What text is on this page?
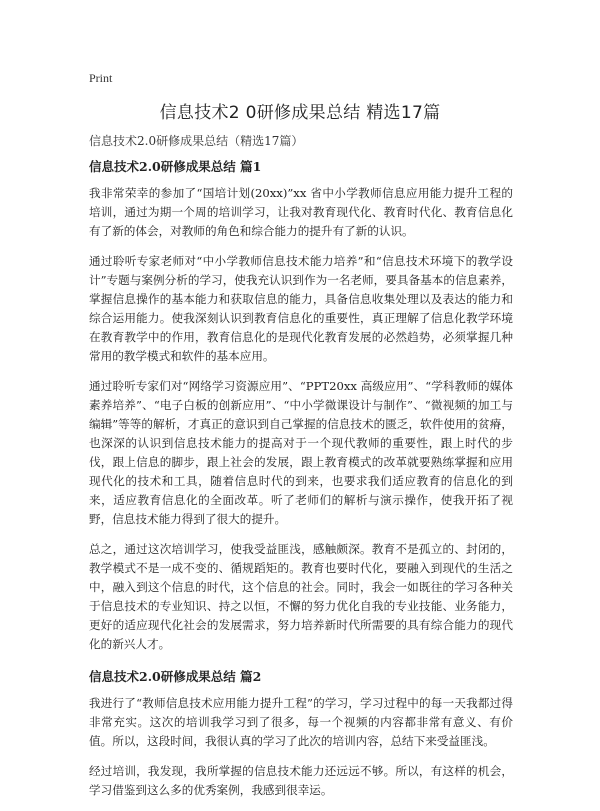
Print
信息技术2 0研修成果总结 精选17篇
信息技术2.0研修成果总结（精选17篇）
信息技术2.0研修成果总结 篇1

我非常荣幸的参加了“国培计划(20xx)”xx 省中小学教师信息应用能力提升工程的培训，通过为期一个周的培训学习，让我对教育现代化、教育时代化、教育信息化有了新的体会，对教师的角色和综合能力的提升有了新的认识。

通过聆听专家老师对“中小学教师信息技术能力培养”和“信息技术环境下的教学设计”专题与案例分析的学习，使我充认识到作为一名老师，要具备基本的信息素养，掌握信息操作的基本能力和获取信息的能力，具备信息收集处理以及表达的能力和综合运用能力。使我深刻认识到教育信息化的重要性，真正理解了信息化教学环境在教育教学中的作用，教育信息化的是现代化教育发展的必然趋势，必须掌握几种常用的教学模式和软件的基本应用。

通过聆听专家们对“网络学习资源应用”、“PPT20xx 高级应用”、“学科教师的媒体素养培养”、“电子白板的创新应用”、“中小学微课设计与制作”、“微视频的加工与编辑”等等的解析，才真正的意识到自己掌握的信息技术的匮乏，软件使用的贫瘠，也深深的认识到信息技术能力的提高对于一个现代教师的重要性，跟上时代的步伐，跟上信息的脚步，跟上社会的发展，跟上教育模式的改革就要熟练掌握和应用现代化的技术和工具，随着信息时代的到来，也要求我们适应教育的信息化的到来，适应教育信息化的全面改革。听了老师们的解析与演示操作，使我开拓了视野，信息技术能力得到了很大的提升。

总之，通过这次培训学习，使我受益匪浅，感触颇深。教育不是孤立的、封闭的，教学模式不是一成不变的、循规蹈矩的。教育也要时代化，要融入到现代的生活之中，融入到这个信息的时代，这个信息的社会。同时，我会一如既往的学习各种关于信息技术的专业知识、持之以恒，不懈的努力优化自我的专业技能、业务能力，更好的适应现代化社会的发展需求，努力培养新时代所需要的具有综合能力的现代化的新兴人才。

信息技术2.0研修成果总结 篇2

我进行了“教师信息技术应用能力提升工程”的学习，学习过程中的每一天我都过得非常充实。这次的培训我学习到了很多，每一个视频的内容都非常有意义、有价值。所以，这段时间，我很认真的学习了此次的培训内容，总结下来受益匪浅。

经过培训，我发现，我所掌握的信息技术能力还远远不够。所以，有这样的机会，学习借鉴到这么多的优秀案例，我感到很幸运。
